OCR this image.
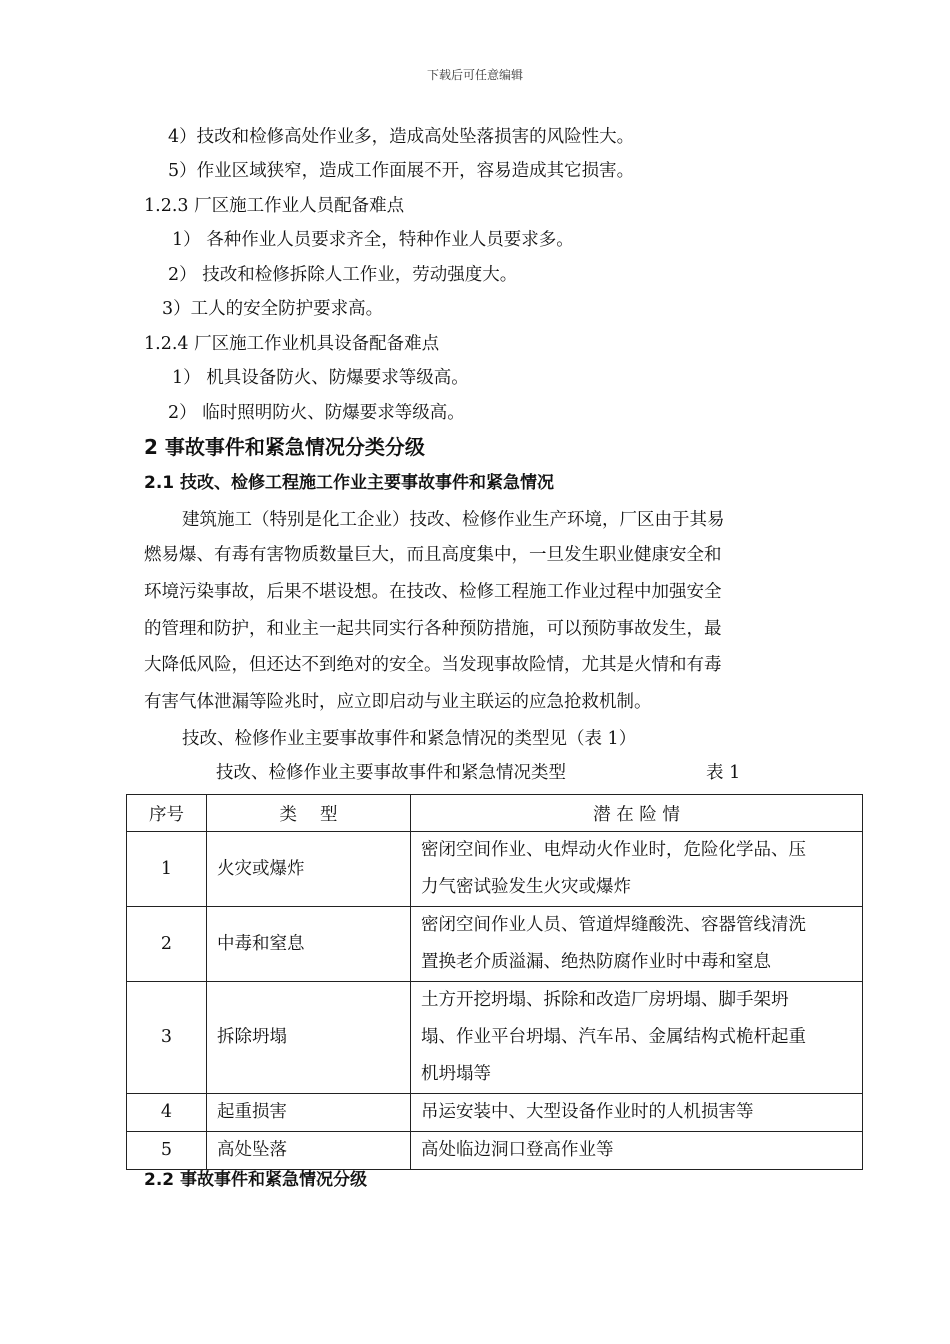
下载后可任意编辑
4）技改和检修高处作业多，造成高处坠落损害的风险性大。
5）作业区域狭窄，造成工作面展不开，容易造成其它损害。
1.2.3 厂区施工作业人员配备难点
1） 各种作业人员要求齐全，特种作业人员要求多。
2） 技改和检修拆除人工作业，劳动强度大。
3）工人的安全防护要求高。
1.2.4 厂区施工作业机具设备配备难点
1） 机具设备防火、防爆要求等级高。
2） 临时照明防火、防爆要求等级高。
2 事故事件和紧急情况分类分级
2.1 技改、检修工程施工作业主要事故事件和紧急情况
建筑施工（特别是化工企业）技改、检修作业生产环境，厂区由于其易
燃易爆、有毒有害物质数量巨大，而且高度集中，一旦发生职业健康安全和
环境污染事故，后果不堪设想。在技改、检修工程施工作业过程中加强安全
的管理和防护，和业主一起共同实行各种预防措施，可以预防事故发生，最
大降低风险，但还达不到绝对的安全。当发现事故险情，尤其是火情和有毒
有害气体泄漏等险兆时，应立即启动与业主联运的应急抢救机制。
技改、检修作业主要事故事件和紧急情况的类型见（表 1）
技改、检修作业主要事故事件和紧急情况类型	表 1
序号	类　 型	潜 在 险 情
1	火灾或爆炸	密闭空间作业、电焊动火作业时，危险化学品、压
力气密试验发生火灾或爆炸

2	中毒和窒息	密闭空间作业人员、管道焊缝酸洗、容器管线清洗
置换老介质溢漏、绝热防腐作业时中毒和窒息

3	拆除坍塌	土方开挖坍塌、拆除和改造厂房坍塌、脚手架坍
塌、作业平台坍塌、汽车吊、金属结构式桅杆起重
机坍塌等

4	起重损害	吊运安装中、大型设备作业时的人机损害等
5	高处坠落	高处临边洞口登高作业等
2.2 事故事件和紧急情况分级
